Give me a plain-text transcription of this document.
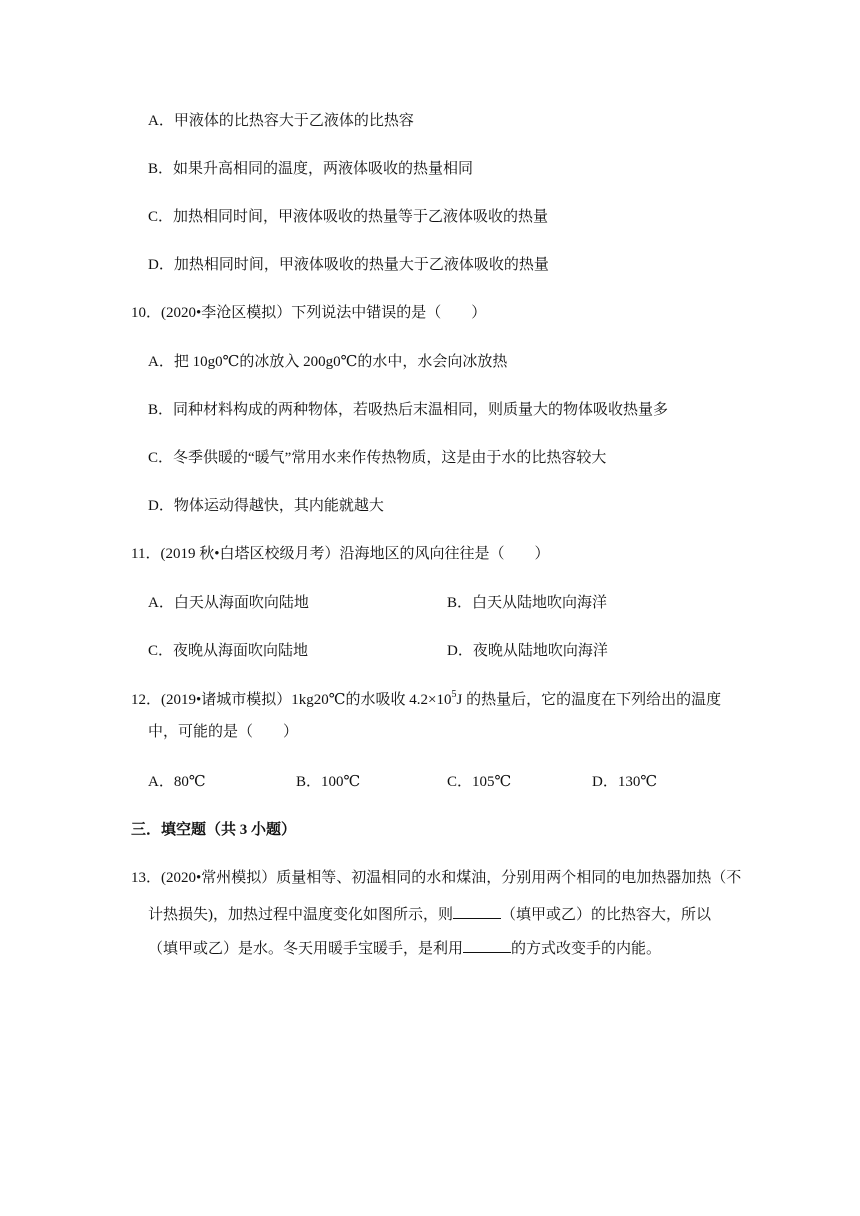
A．甲液体的比热容大于乙液体的比热容
B．如果升高相同的温度，两液体吸收的热量相同
C．加热相同时间，甲液体吸收的热量等于乙液体吸收的热量
D．加热相同时间，甲液体吸收的热量大于乙液体吸收的热量
10．(2020•李沧区模拟）下列说法中错误的是（　　）
A．把 10g0℃的冰放入 200g0℃的水中，水会向冰放热
B．同种材料构成的两种物体，若吸热后末温相同，则质量大的物体吸收热量多
C．冬季供暖的“暖气”常用水来作传热物质，这是由于水的比热容较大
D．物体运动得越快，其内能就越大
11．(2019 秋•白塔区校级月考）沿海地区的风向往往是（　　）
A．白天从海面吹向陆地	B．白天从陆地吹向海洋
C．夜晚从海面吹向陆地	D．夜晚从陆地吹向海洋
12．(2019•诸城市模拟）1kg20℃的水吸收 $4.2\times 10^5J$ 的热量后，它的温度在下列给出的温度
中，可能的是（　　）
A．80℃	B．100℃	C．105℃	D．130℃
三．填空题（共 3 小题）
13．(2020•常州模拟）质量相等、初温相同的水和煤油，分别用两个相同的电加热器加热（不
计热损失)，加热过程中温度变化如图所示，则	（填甲或乙）的比热容大，所以
（填甲或乙）是水。冬天用暖手宝暖手，是利用	的方式改变手的内能。
